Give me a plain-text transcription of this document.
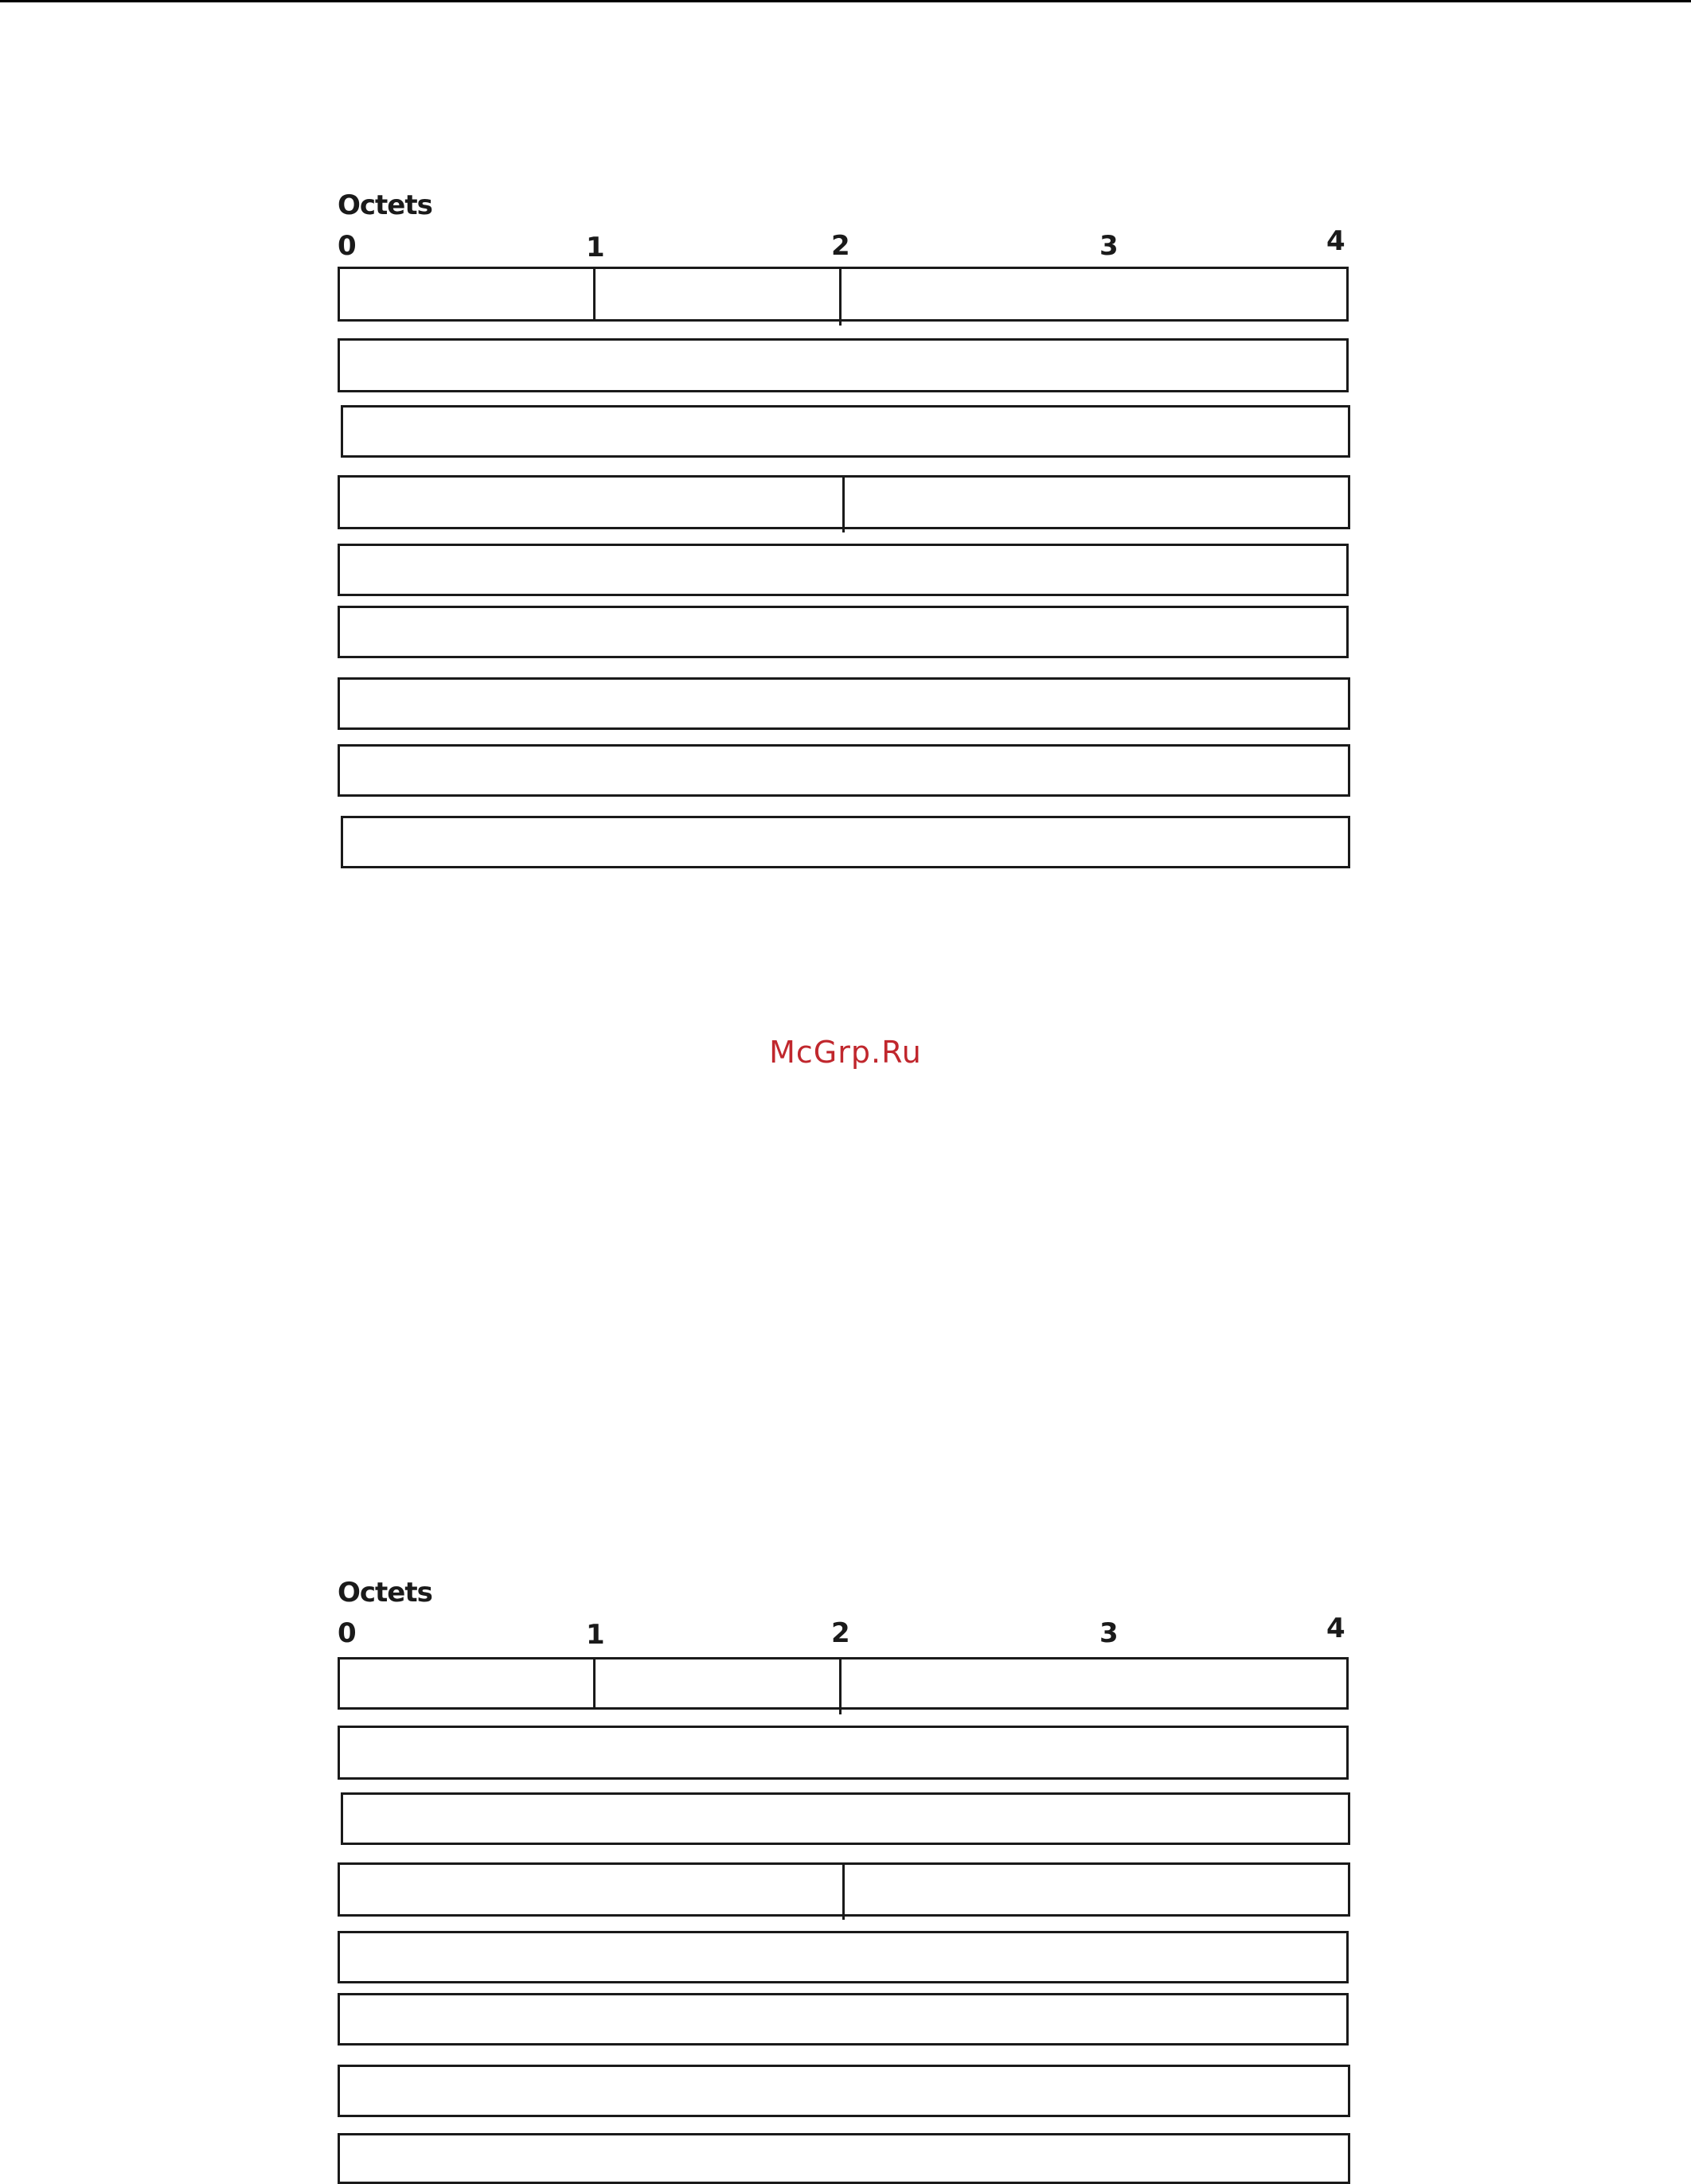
Octets
0	1	2	3	4
McGrp.Ru
Octets
0	1	2	3	4
